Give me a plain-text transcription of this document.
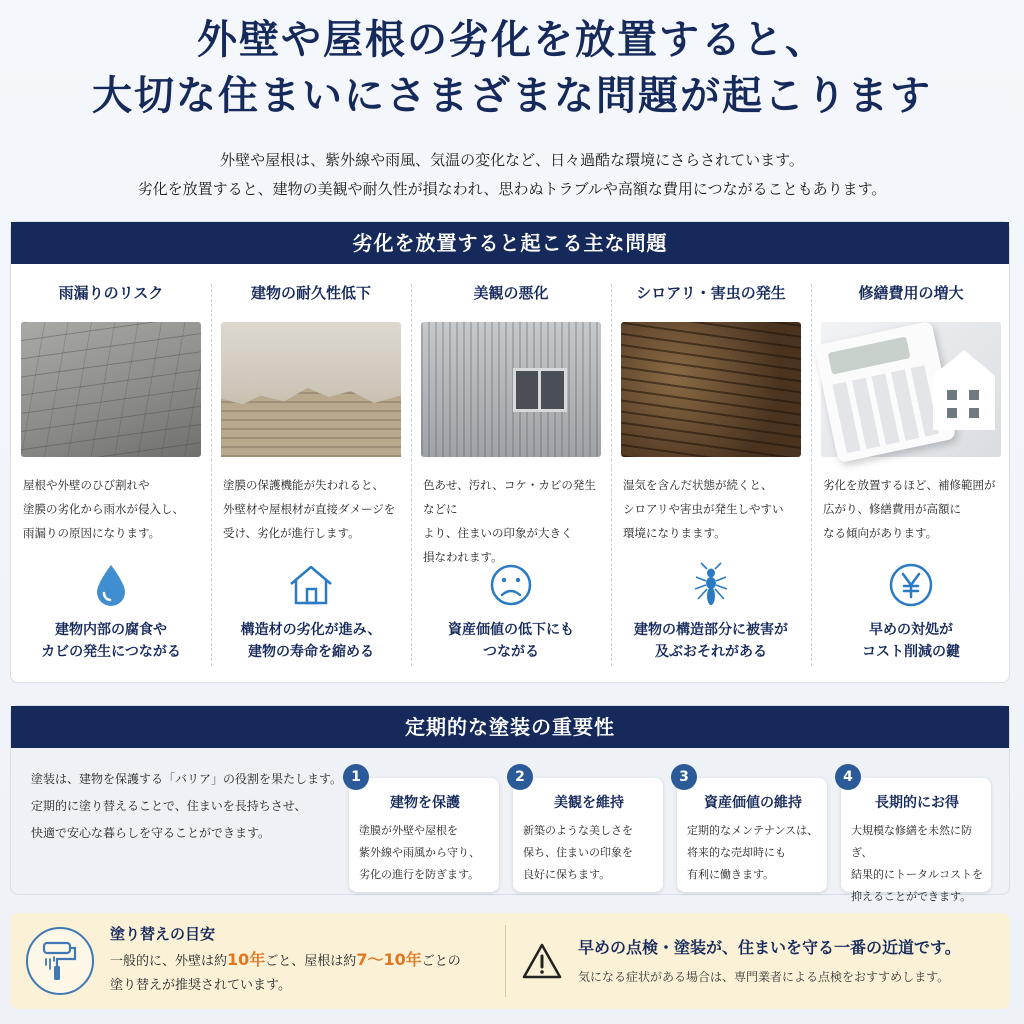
外壁や屋根の劣化を放置すると、
大切な住まいにさまざまな問題が起こります
外壁や屋根は、紫外線や雨風、気温の変化など、日々過酷な環境にさらされています。
劣化を放置すると、建物の美観や耐久性が損なわれ、思わぬトラブルや高額な費用につながることもあります。
劣化を放置すると起こる主な問題
雨漏りのリスク
屋根や外壁のひび割れや
塗膜の劣化から雨水が侵入し、
雨漏りの原因になります。
建物内部の腐食や
カビの発生につながる
建物の耐久性低下
塗膜の保護機能が失われると、
外壁材や屋根材が直接ダメージを
受け、劣化が進行します。
構造材の劣化が進み、
建物の寿命を縮める
美観の悪化
色あせ、汚れ、コケ・カビの発生などに
より、住まいの印象が大きく
損なわれます。
資産価値の低下にも
つながる
シロアリ・害虫の発生
湿気を含んだ状態が続くと、
シロアリや害虫が発生しやすい
環境になりまます。
建物の構造部分に被害が
及ぶおそれがある
修繕費用の増大
劣化を放置するほど、補修範囲が
広がり、修繕費用が高額に
なる傾向があります。
早めの対処が
コスト削減の鍵
定期的な塗装の重要性
塗装は、建物を保護する「バリア」の役割を果たします。
定期的に塗り替えることで、住まいを長持ちさせ、
快適で安心な暮らしを守ることができます。
1
建物を保護
塗膜が外壁や屋根を
紫外線や雨風から守り、
劣化の進行を防ぎます。
2
美観を維持
新築のような美しさを
保ち、住まいの印象を
良好に保ちます。
3
資産価値の維持
定期的なメンテナンスは、
将来的な売却時にも
有利に働きます。
4
長期的にお得
大規模な修繕を未然に防ぎ、
結果的にトータルコストを
抑えることができます。
塗り替えの目安
一般的に、外壁は約10年ごと、屋根は約7〜10年ごとの
塗り替えが推奨されています。
早めの点検・塗装が、住まいを守る一番の近道です。
気になる症状がある場合は、専門業者による点検をおすすめします。
